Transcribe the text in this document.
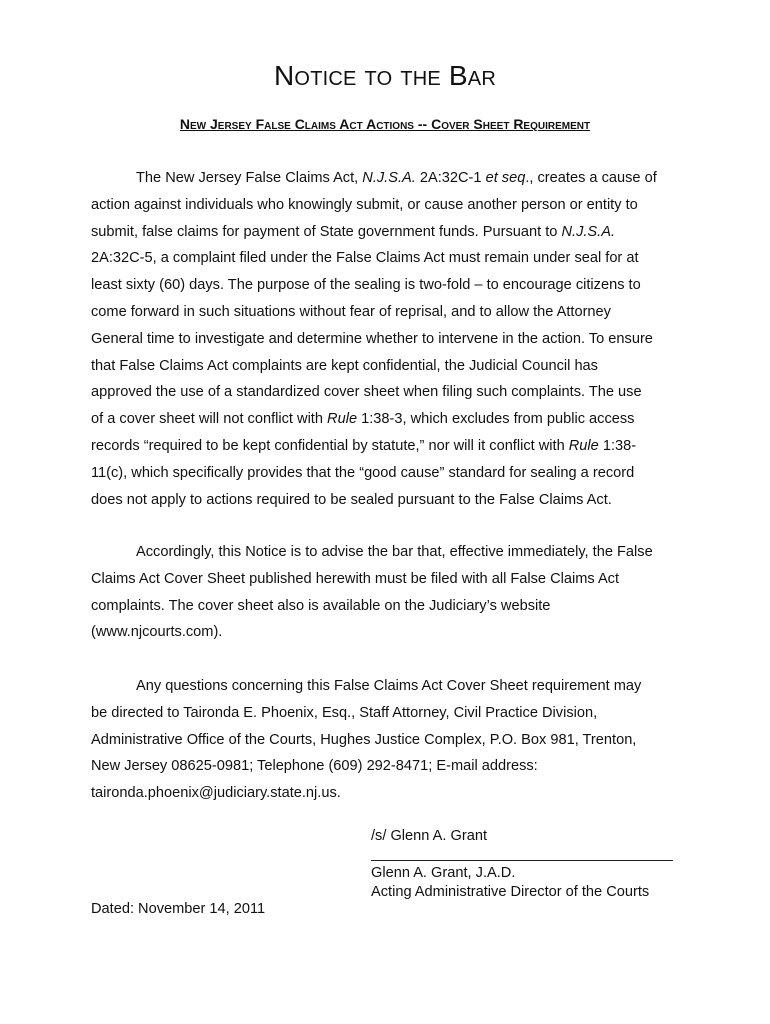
Notice to the Bar
New Jersey False Claims Act Actions -- Cover Sheet Requirement

The New Jersey False Claims Act, N.J.S.A. 2A:32C-1 et seq., creates a cause of
action against individuals who knowingly submit, or cause another person or entity to
submit, false claims for payment of State government funds. Pursuant to N.J.S.A.
2A:32C-5, a complaint filed under the False Claims Act must remain under seal for at
least sixty (60) days. The purpose of the sealing is two-fold – to encourage citizens to
come forward in such situations without fear of reprisal, and to allow the Attorney
General time to investigate and determine whether to intervene in the action. To ensure
that False Claims Act complaints are kept confidential, the Judicial Council has
approved the use of a standardized cover sheet when filing such complaints. The use
of a cover sheet will not conflict with Rule 1:38-3, which excludes from public access
records “required to be kept confidential by statute,” nor will it conflict with Rule 1:38-
11(c), which specifically provides that the “good cause” standard for sealing a record
does not apply to actions required to be sealed pursuant to the False Claims Act.

Accordingly, this Notice is to advise the bar that, effective immediately, the False
Claims Act Cover Sheet published herewith must be filed with all False Claims Act
complaints. The cover sheet also is available on the Judiciary’s website
(www.njcourts.com).

Any questions concerning this False Claims Act Cover Sheet requirement may
be directed to Taironda E. Phoenix, Esq., Staff Attorney, Civil Practice Division,
Administrative Office of the Courts, Hughes Justice Complex, P.O. Box 981, Trenton,
New Jersey 08625-0981; Telephone (609) 292-8471; E-mail address:
taironda.phoenix@judiciary.state.nj.us.

/s/ Glenn A. Grant
Glenn A. Grant, J.A.D.
Acting Administrative Director of the Courts
Dated: November 14, 2011
